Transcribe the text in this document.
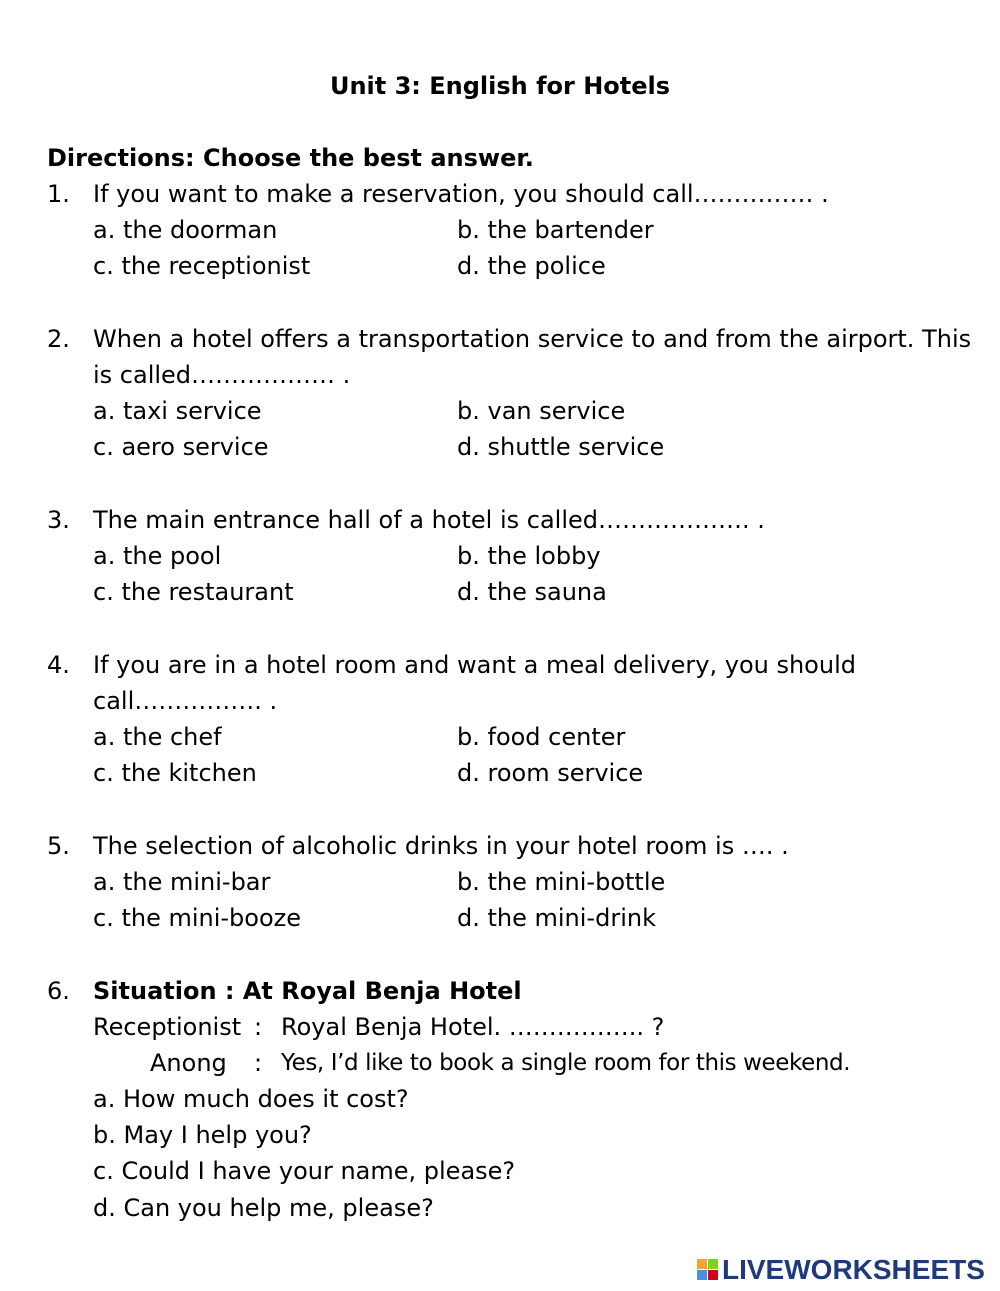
Unit 3: English for Hotels
Directions: Choose the best answer.
1. If you want to make a reservation, you should call…………… .
a. the doorman	b. the bartender
c. the receptionist	d. the police
2. When a hotel offers a transportation service to and from the airport. This
is called……………… .
a. taxi service	b. van service
c. aero service	d. shuttle service
3. The main entrance hall of a hotel is called………………. .
a. the pool	b. the lobby
c. the restaurant	d. the sauna
4. If you are in a hotel room and want a meal delivery, you should
call……………. .
a. the chef	b. food center
c. the kitchen	d. room service
5. The selection of alcoholic drinks in your hotel room is …. .
a. the mini-bar	b. the mini-bottle
c. the mini-booze	d. the mini-drink
6. Situation : At Royal Benja Hotel
Receptionist : Royal Benja Hotel. …………….. ?
Anong : Yes, I’d like to book a single room for this weekend.
a. How much does it cost?
b. May I help you?
c. Could I have your name, please?
d. Can you help me, please?
LIVEWORKSHEETS
